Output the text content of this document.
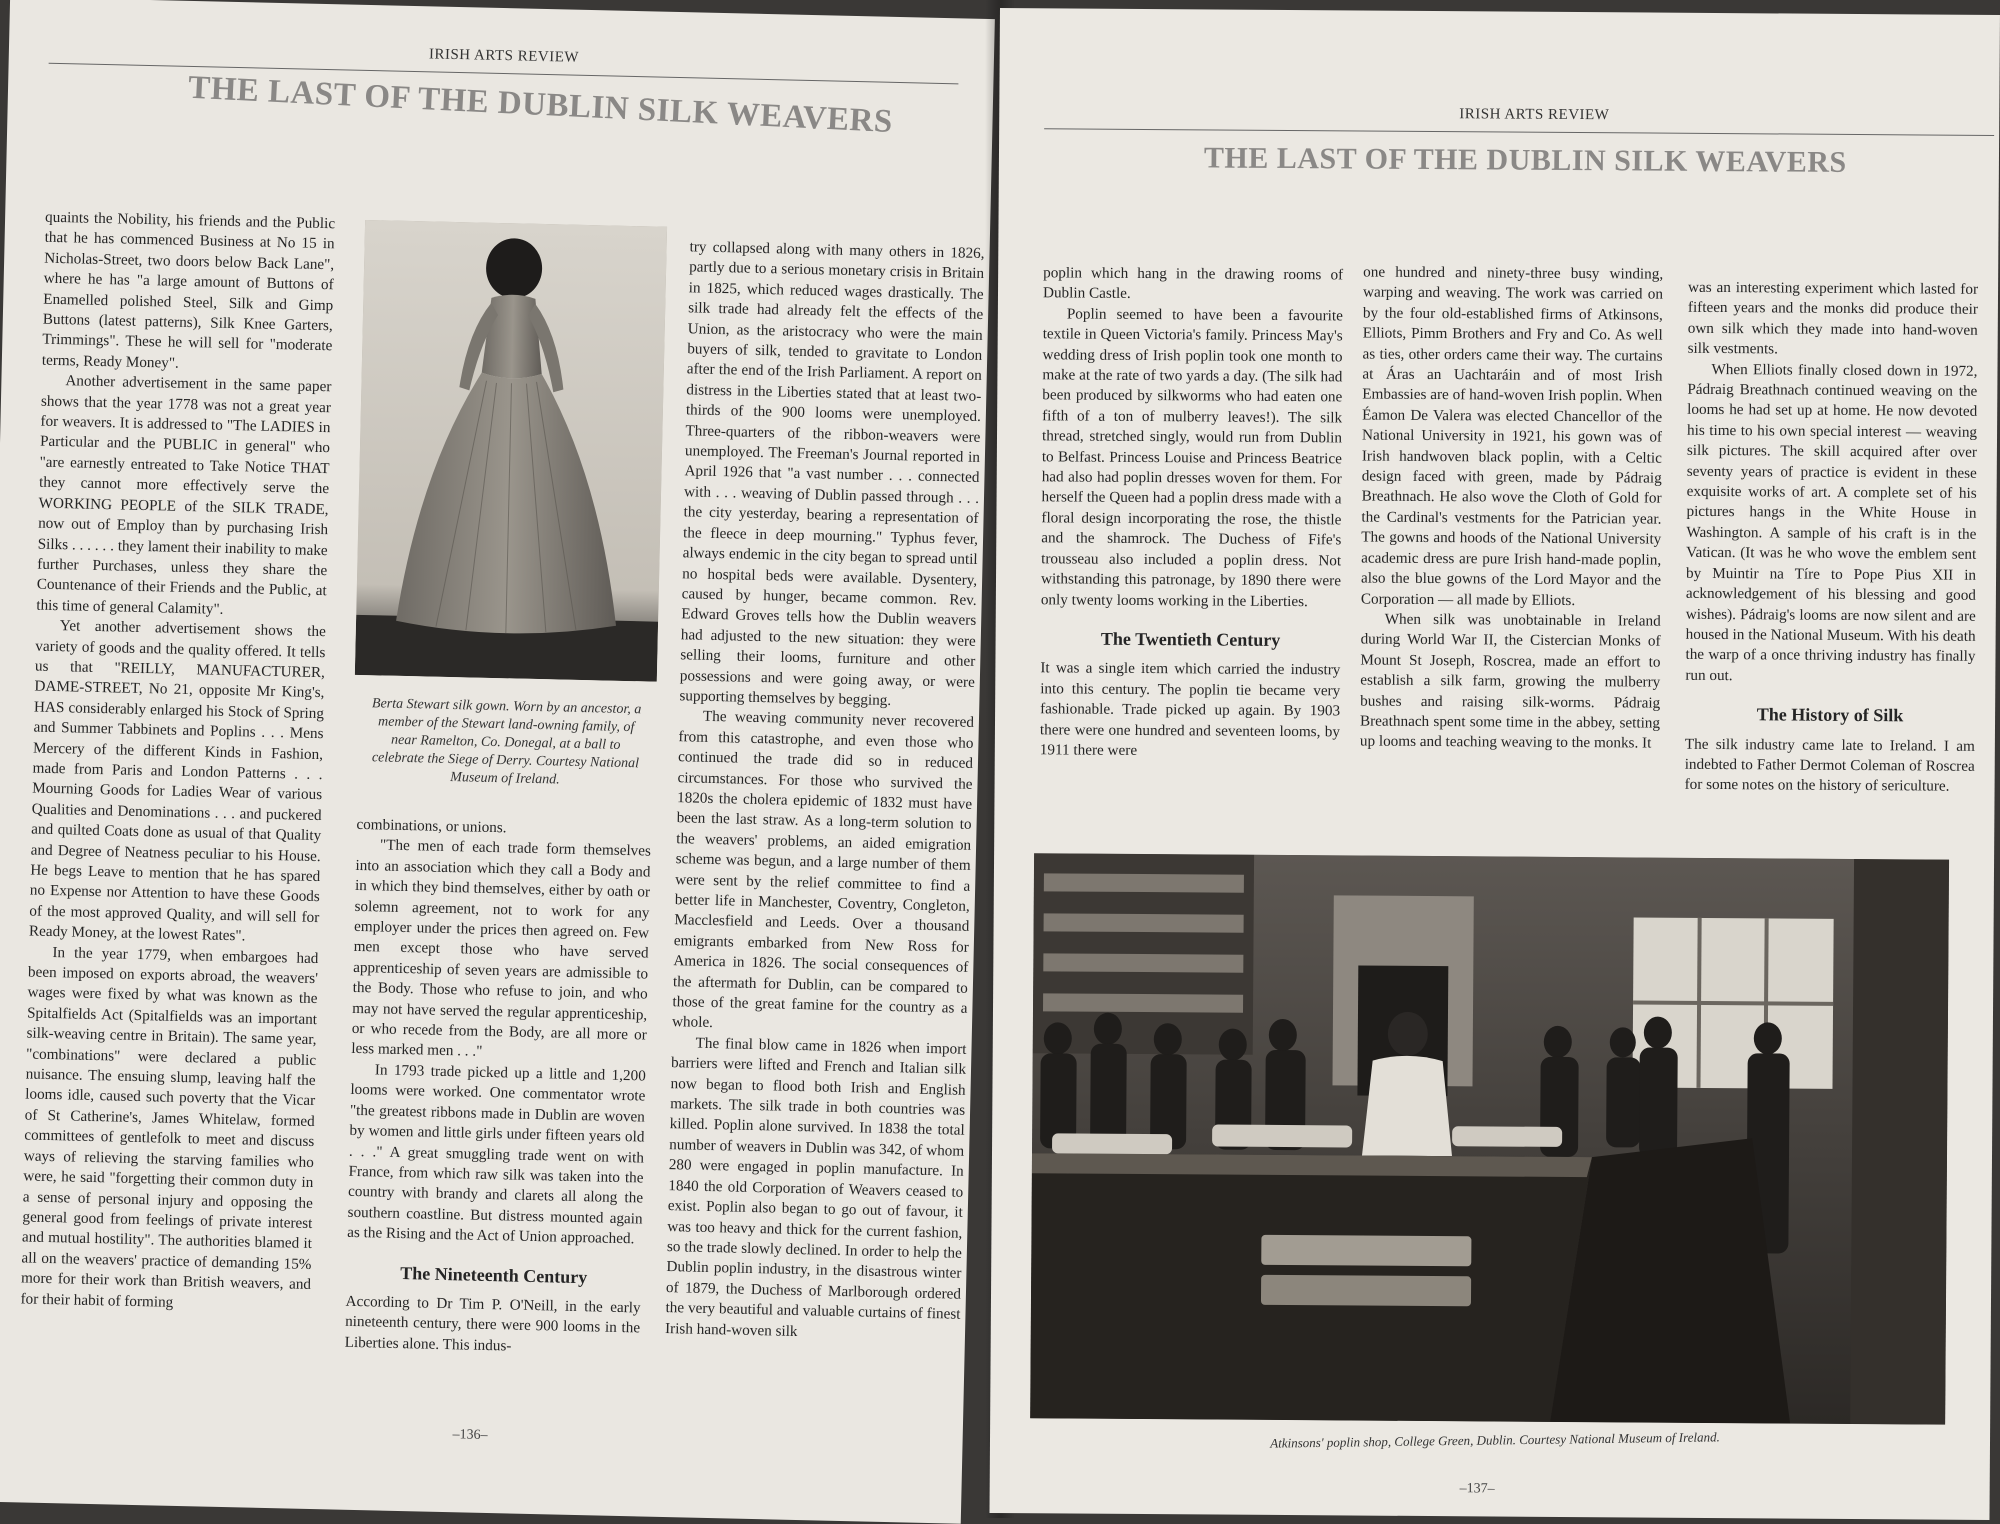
IRISH ARTS REVIEW
THE LAST OF THE DUBLIN SILK WEAVERS

quaints the Nobility, his friends and the Public that he has commenced Business at No 15 in Nicholas-Street, two doors below Back Lane", where he has "a large amount of Buttons of Enamelled polished Steel, Silk and Gimp Buttons (latest patterns), Silk Knee Garters, Trimmings". These he will sell for "moderate terms, Ready Money".

Another advertisement in the same paper shows that the year 1778 was not a great year for weavers. It is addressed to "The LADIES in Particular and the PUBLIC in general" who "are earnestly entreated to Take Notice THAT they cannot more effectively serve the WORKING PEOPLE of the SILK TRADE, now out of Employ than by purchasing Irish Silks . . . . . . they lament their inability to make further Purchases, unless they share the Countenance of their Friends and the Public, at this time of general Calamity".

Yet another advertisement shows the variety of goods and the quality offered. It tells us that "REILLY, MANUFACTURER, DAME-STREET, No 21, opposite Mr King's, HAS considerably enlarged his Stock of Spring and Summer Tabbinets and Poplins . . . Mens Mercery of the different Kinds in Fashion, made from Paris and London Patterns . . . Mourning Goods for Ladies Wear of various Qualities and Denominations . . . and puckered and quilted Coats done as usual of that Quality and Degree of Neatness peculiar to his House. He begs Leave to mention that he has spared no Expense nor Attention to have these Goods of the most approved Quality, and will sell for Ready Money, at the lowest Rates".

In the year 1779, when embargoes had been imposed on exports abroad, the weavers' wages were fixed by what was known as the Spitalfields Act (Spitalfields was an important silk-weaving centre in Britain). The same year, "combinations" were declared a public nuisance. The ensuing slump, leaving half the looms idle, caused such poverty that the Vicar of St Catherine's, James Whitelaw, formed committees of gentlefolk to meet and discuss ways of relieving the starving families who were, he said "forgetting their common duty in a sense of personal injury and opposing the general good from feelings of private interest and mutual hostility". The authorities blamed it all on the weavers' practice of demanding 15% more for their work than British weavers, and for their habit of forming

Berta Stewart silk gown. Worn by an ancestor, a member of the Stewart land-owning family, of near Ramelton, Co. Donegal, at a ball to celebrate the Siege of Derry. Courtesy National Museum of Ireland.

combinations, or unions.

"The men of each trade form themselves into an association which they call a Body and in which they bind themselves, either by oath or solemn agreement, not to work for any employer under the prices then agreed on. Few men except those who have served apprenticeship of seven years are admissible to the Body. Those who refuse to join, and who may not have served the regular apprenticeship, or who recede from the Body, are all more or less marked men . . ."

In 1793 trade picked up a little and 1,200 looms were worked. One commentator wrote "the greatest ribbons made in Dublin are woven by women and little girls under fifteen years old . . ." A great smuggling trade went on with France, from which raw silk was taken into the country with brandy and clarets all along the southern coastline. But distress mounted again as the Rising and the Act of Union approached.

The Nineteenth Century

According to Dr Tim P. O'Neill, in the early nineteenth century, there were 900 looms in the Liberties alone. This indus-

try collapsed along with many others in 1826, partly due to a serious monetary crisis in Britain in 1825, which reduced wages drastically. The silk trade had already felt the effects of the Union, as the aristocracy who were the main buyers of silk, tended to gravitate to London after the end of the Irish Parliament. A report on distress in the Liberties stated that at least two-thirds of the 900 looms were unemployed. Three-quarters of the ribbon-weavers were unemployed. The Freeman's Journal reported in April 1926 that "a vast number . . . connected with . . . weaving of Dublin passed through . . . the city yesterday, bearing a representation of the fleece in deep mourning." Typhus fever, always endemic in the city began to spread until no hospital beds were available. Dysentery, caused by hunger, became common. Rev. Edward Groves tells how the Dublin weavers had adjusted to the new situation: they were selling their looms, furniture and other possessions and were going away, or were supporting themselves by begging.

The weaving community never recovered from this catastrophe, and even those who continued the trade did so in reduced circumstances. For those who survived the 1820s the cholera epidemic of 1832 must have been the last straw. As a long-term solution to the weavers' problems, an aided emigration scheme was begun, and a large number of them were sent by the relief committee to find a better life in Manchester, Coventry, Congleton, Macclesfield and Leeds. Over a thousand emigrants embarked from New Ross for America in 1826. The social consequences of the aftermath for Dublin, can be compared to those of the great famine for the country as a whole.

The final blow came in 1826 when import barriers were lifted and French and Italian silk now began to flood both Irish and English markets. The silk trade in both countries was killed. Poplin alone survived. In 1838 the total number of weavers in Dublin was 342, of whom 280 were engaged in poplin manufacture. In 1840 the old Corporation of Weavers ceased to exist. Poplin also began to go out of favour, it was too heavy and thick for the current fashion, so the trade slowly declined. In order to help the Dublin poplin industry, in the disastrous winter of 1879, the Duchess of Marlborough ordered the very beautiful and valuable curtains of finest Irish hand-woven silk

–136–
IRISH ARTS REVIEW
THE LAST OF THE DUBLIN SILK WEAVERS

poplin which hang in the drawing rooms of Dublin Castle.

Poplin seemed to have been a favourite textile in Queen Victoria's family. Princess May's wedding dress of Irish poplin took one month to make at the rate of two yards a day. (The silk had been produced by silkworms who had eaten one fifth of a ton of mulberry leaves!). The silk thread, stretched singly, would run from Dublin to Belfast. Princess Louise and Princess Beatrice had also had poplin dresses woven for them. For herself the Queen had a poplin dress made with a floral design incorporating the rose, the thistle and the shamrock. The Duchess of Fife's trousseau also included a poplin dress. Not withstanding this patronage, by 1890 there were only twenty looms working in the Liberties.

The Twentieth Century

It was a single item which carried the industry into this century. The poplin tie became very fashionable. Trade picked up again. By 1903 there were one hundred and seventeen looms, by 1911 there were

one hundred and ninety-three busy winding, warping and weaving. The work was carried on by the four old-established firms of Atkinsons, Elliots, Pimm Brothers and Fry and Co. As well as ties, other orders came their way. The curtains at Áras an Uachtaráin and of most Irish Embassies are of hand-woven Irish poplin. When Éamon De Valera was elected Chancellor of the National University in 1921, his gown was of Irish handwoven black poplin, with a Celtic design faced with green, made by Pádraig Breathnach. He also wove the Cloth of Gold for the Cardinal's vestments for the Patrician year. The gowns and hoods of the National University academic dress are pure Irish hand-made poplin, also the blue gowns of the Lord Mayor and the Corporation — all made by Elliots.

When silk was unobtainable in Ireland during World War II, the Cistercian Monks of Mount St Joseph, Roscrea, made an effort to establish a silk farm, growing the mulberry bushes and raising silk-worms. Pádraig Breathnach spent some time in the abbey, setting up looms and teaching weaving to the monks. It

was an interesting experiment which lasted for fifteen years and the monks did produce their own silk which they made into hand-woven silk vestments.

When Elliots finally closed down in 1972, Pádraig Breathnach continued weaving on the looms he had set up at home. He now devoted his time to his own special interest — weaving silk pictures. The skill acquired after over seventy years of practice is evident in these exquisite works of art. A complete set of his pictures hangs in the White House in Washington. A sample of his craft is in the Vatican. (It was he who wove the emblem sent by Muintir na Tíre to Pope Pius XII in acknowledgement of his blessing and good wishes). Pádraig's looms are now silent and are housed in the National Museum. With his death the warp of a once thriving industry has finally run out.

The History of Silk

The silk industry came late to Ireland. I am indebted to Father Dermot Coleman of Roscrea for some notes on the history of sericulture.

Atkinsons' poplin shop, College Green, Dublin. Courtesy National Museum of Ireland.
–137–
